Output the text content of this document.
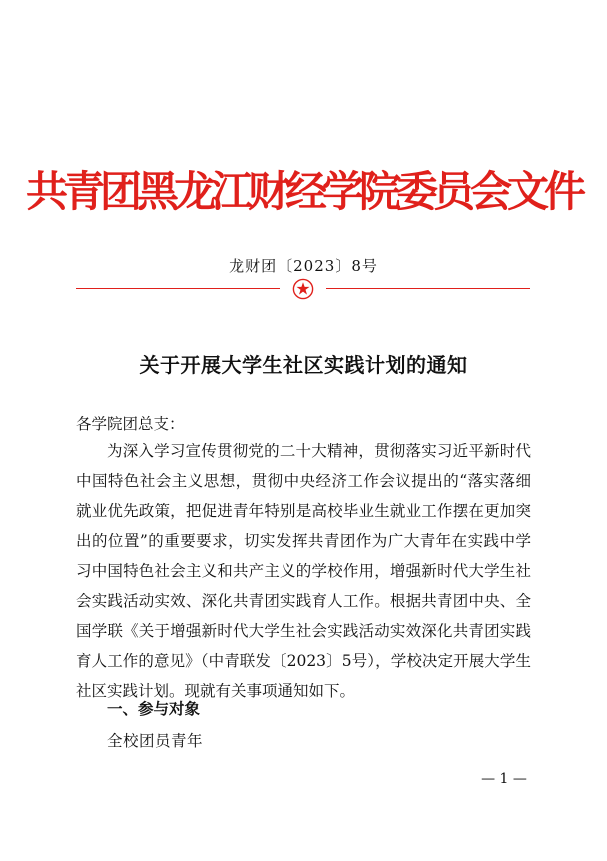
共青团黑龙江财经学院委员会文件
龙财团〔2023〕8号
关于开展大学生社区实践计划的通知
各学院团总支：

为深入学习宣传贯彻党的二十大精神，贯彻落实习近平新时代中国特色社会主义思想，贯彻中央经济工作会议提出的“落实落细就业优先政策，把促进青年特别是高校毕业生就业工作摆在更加突出的位置”的重要要求，切实发挥共青团作为广大青年在实践中学习中国特色社会主义和共产主义的学校作用，增强新时代大学生社会实践活动实效、深化共青团实践育人工作。根据共青团中央、全国学联《关于增强新时代大学生社会实践活动实效深化共青团实践育人工作的意见》（中青联发〔2023〕5号），学校决定开展大学生社区实践计划。现就有关事项通知如下。

一、参与对象
全校团员青年
— 1 —
